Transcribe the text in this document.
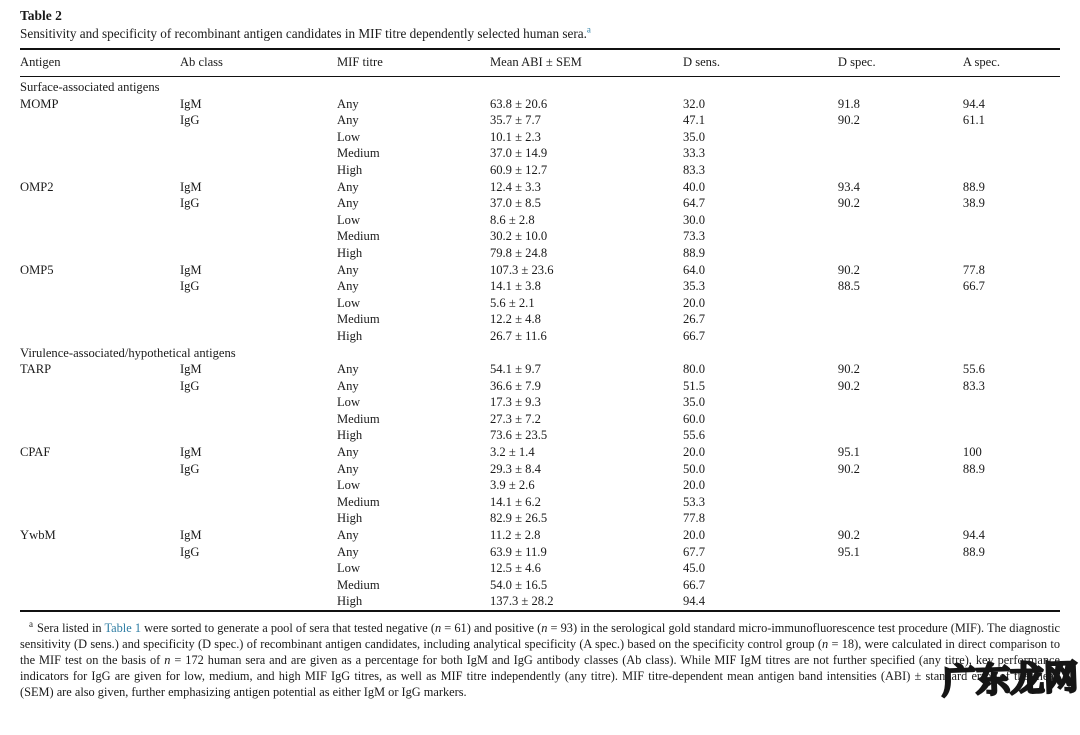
Table 2
Sensitivity and specificity of recombinant antigen candidates in MIF titre dependently selected human sera.$^a$
Antigen	Ab class	MIF titre	Mean ABI ± SEM	D sens.	D spec.	A spec.
Surface-associated antigens						
MOMP	IgM	Any	63.8 ± 20.6	32.0	91.8	94.4
	IgG	Any	35.7 ± 7.7	47.1	90.2	61.1
		Low	10.1 ± 2.3	35.0		
		Medium	37.0 ± 14.9	33.3		
		High	60.9 ± 12.7	83.3		
OMP2	IgM	Any	12.4 ± 3.3	40.0	93.4	88.9
	IgG	Any	37.0 ± 8.5	64.7	90.2	38.9
		Low	8.6 ± 2.8	30.0		
		Medium	30.2 ± 10.0	73.3		
		High	79.8 ± 24.8	88.9		
OMP5	IgM	Any	107.3 ± 23.6	64.0	90.2	77.8
	IgG	Any	14.1 ± 3.8	35.3	88.5	66.7
		Low	5.6 ± 2.1	20.0		
		Medium	12.2 ± 4.8	26.7		
		High	26.7 ± 11.6	66.7		
Virulence-associated/hypothetical antigens						
TARP	IgM	Any	54.1 ± 9.7	80.0	90.2	55.6
	IgG	Any	36.6 ± 7.9	51.5	90.2	83.3
		Low	17.3 ± 9.3	35.0		
		Medium	27.3 ± 7.2	60.0		
		High	73.6 ± 23.5	55.6		
CPAF	IgM	Any	3.2 ± 1.4	20.0	95.1	100
	IgG	Any	29.3 ± 8.4	50.0	90.2	88.9
		Low	3.9 ± 2.6	20.0		
		Medium	14.1 ± 6.2	53.3		
		High	82.9 ± 26.5	77.8		
YwbM	IgM	Any	11.2 ± 2.8	20.0	90.2	94.4
	IgG	Any	63.9 ± 11.9	67.7	95.1	88.9
		Low	12.5 ± 4.6	45.0		
		Medium	54.0 ± 16.5	66.7		
		High	137.3 ± 28.2	94.4		
$^a$ Sera listed in Table 1 were sorted to generate a pool of sera that tested negative (n = 61) and positive (n = 93) in the serological gold standard micro-immunofluorescence test procedure (MIF). The diagnostic sensitivity (D sens.) and specificity (D spec.) of recombinant antigen candidates, including analytical specificity (A spec.) based on the specificity control group (n = 18), were calculated in direct comparison to the MIF test on the basis of n = 172 human sera and are given as a percentage for both IgM and IgG antibody classes (Ab class). While MIF IgM titres are not further specified (any titre), key performance indicators for IgG are given for low, medium, and high MIF IgG titres, as well as MIF titre independently (any titre). MIF titre-dependent mean antigen band intensities (ABI) ± standard error of the mean (SEM) are also given, further emphasizing antigen potential as either IgM or IgG markers.	广东龙网
